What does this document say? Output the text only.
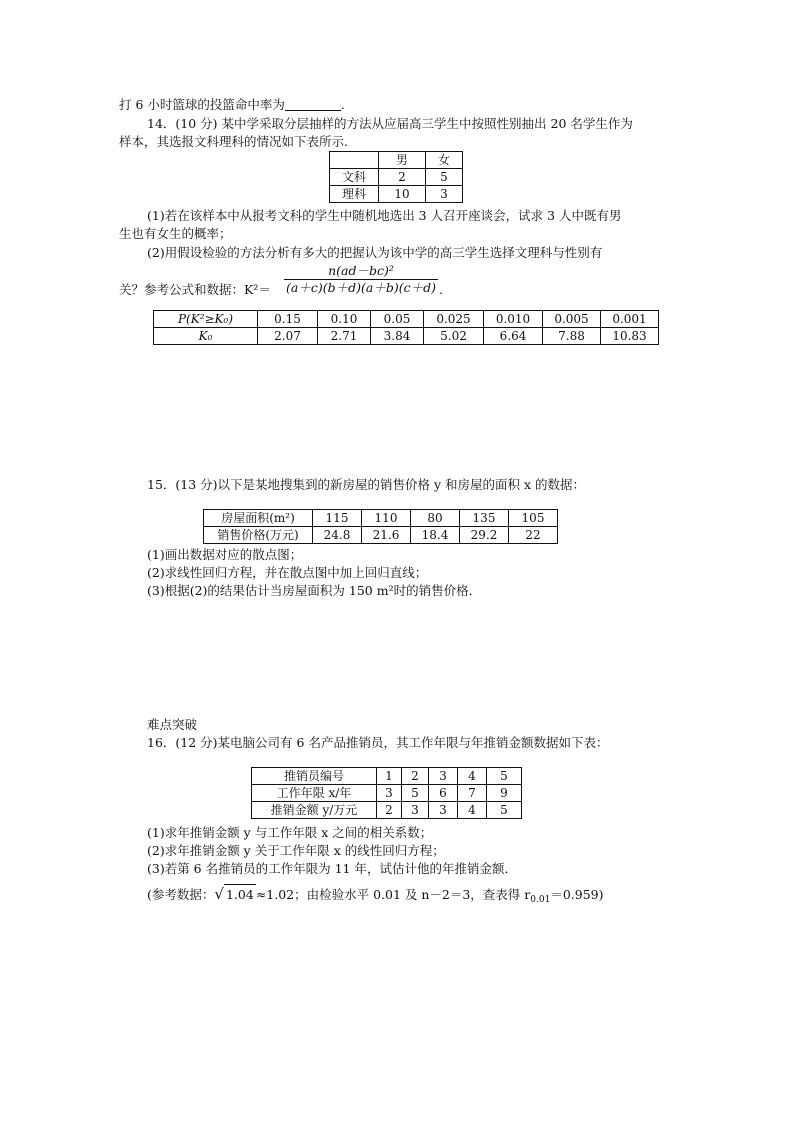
打 6 小时篮球的投篮命中率为	.
14．(10 分) 某中学采取分层抽样的方法从应届高三学生中按照性别抽出 20 名学生作为
样本，其选报文科理科的情况如下表所示.
	男	女
文科	2	5
理科	10	3
(1)若在该样本中从报考文科的学生中随机地选出 3 人召开座谈会，试求 3 人中既有男
生也有女生的概率；
(2)用假设检验的方法分析有多大的把握认为该中学的高三学生选择文理科与性别有
关？参考公式和数据：K²＝
n(ad－bc)²
(a＋c)(b＋d)(a＋b)(c＋d) .
P(K²≥K₀)	0.15	0.10	0.05	0.025	0.010	0.005	0.001
K₀	2.07	2.71	3.84	5.02	6.64	7.88	10.83
15．(13 分)以下是某地搜集到的新房屋的销售价格 y 和房屋的面积 x 的数据：
房屋面积(m²)	115	110	80	135	105
销售价格(万元)	24.8	21.6	18.4	29.2	22
(1)画出数据对应的散点图；
(2)求线性回归方程，并在散点图中加上回归直线；
(3)根据(2)的结果估计当房屋面积为 150 m²时的销售价格．
难点突破
16．(12 分)某电脑公司有 6 名产品推销员，其工作年限与年推销金额数据如下表：
推销员编号	1	2	3	4	5
工作年限 x/年	3	5	6	7	9
推销金额 y/万元	2	3	3	4	5
(1)求年推销金额 y 与工作年限 x 之间的相关系数；
(2)求年推销金额 y 关于工作年限 x 的线性回归方程；
(3)若第 6 名推销员的工作年限为 11 年，试估计他的年推销金额．
(参考数据：√ 1.04 ≈1.02；由检验水平 0.01 及 n－2＝3，查表得 $r_{0.01}=0.959$)
